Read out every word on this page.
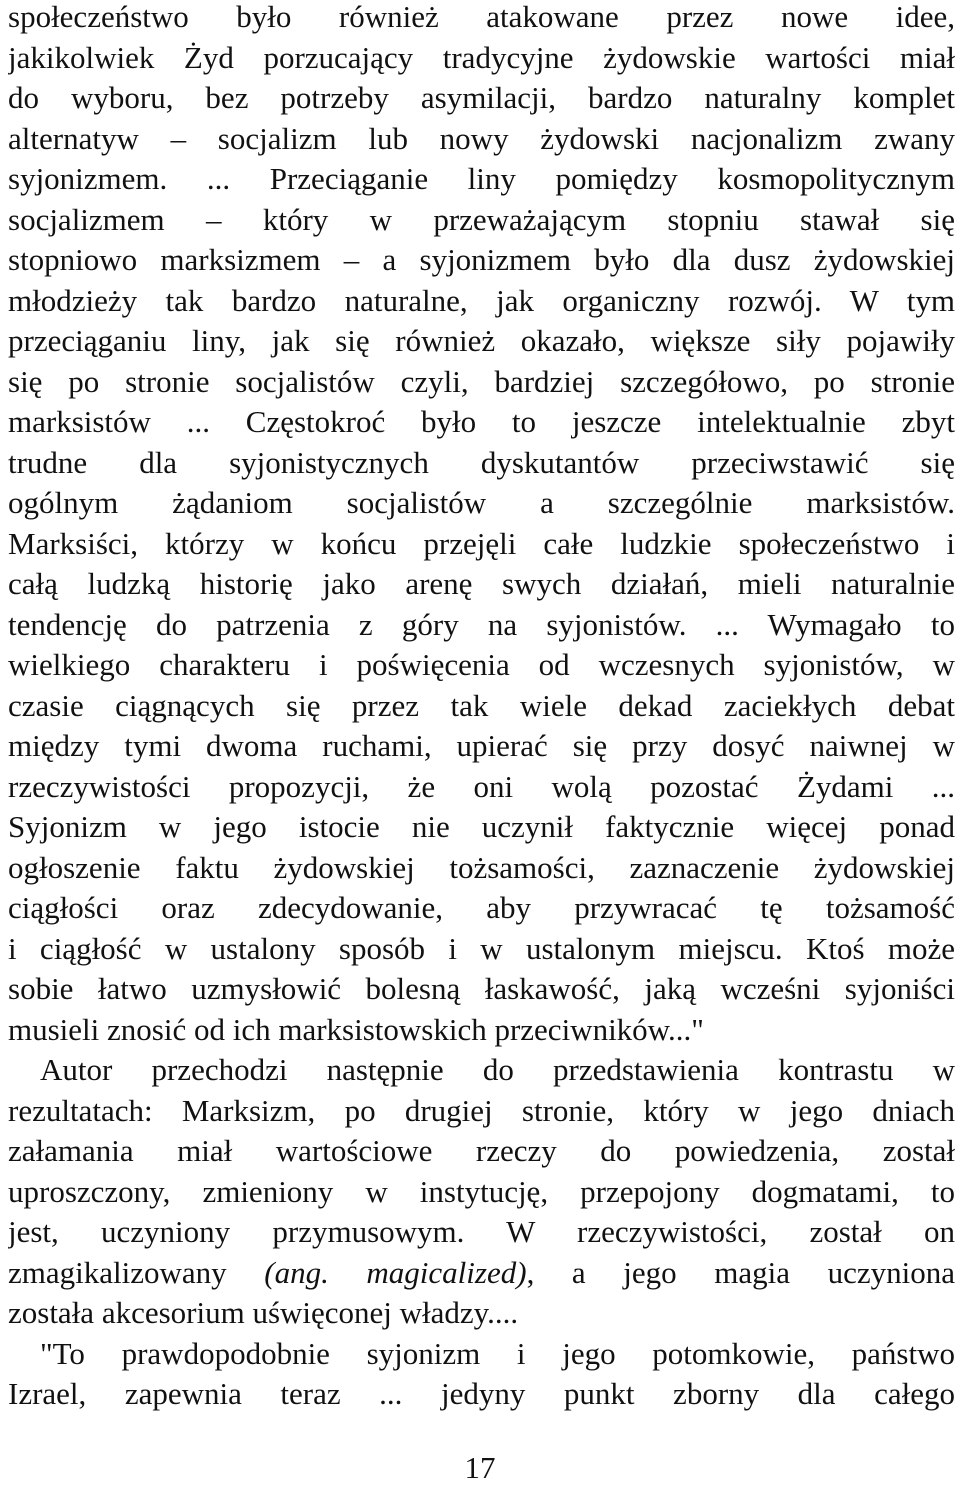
społeczeństwo było również atakowane przez nowe idee,
jakikolwiek Żyd porzucający tradycyjne żydowskie wartości miał
do wyboru, bez potrzeby asymilacji, bardzo naturalny komplet
alternatyw – socjalizm lub nowy żydowski nacjonalizm zwany
syjonizmem. ... Przeciąganie liny pomiędzy kosmopolitycznym
socjalizmem – który w przeważającym stopniu stawał się
stopniowo marksizmem – a syjonizmem było dla dusz żydowskiej
młodzieży tak bardzo naturalne, jak organiczny rozwój. W tym
przeciąganiu liny, jak się również okazało, większe siły pojawiły
się po stronie socjalistów czyli, bardziej szczegółowo, po stronie
marksistów ... Częstokroć było to jeszcze intelektualnie zbyt
trudne dla syjonistycznych dyskutantów przeciwstawić się
ogólnym żądaniom socjalistów a szczególnie marksistów.
Marksiści, którzy w końcu przejęli całe ludzkie społeczeństwo i
całą ludzką historię jako arenę swych działań, mieli naturalnie
tendencję do patrzenia z góry na syjonistów. ... Wymagało to
wielkiego charakteru i poświęcenia od wczesnych syjonistów, w
czasie ciągnących się przez tak wiele dekad zaciekłych debat
między tymi dwoma ruchami, upierać się przy dosyć naiwnej w
rzeczywistości propozycji, że oni wolą pozostać Żydami ...
Syjonizm w jego istocie nie uczynił faktycznie więcej ponad
ogłoszenie faktu żydowskiej tożsamości, zaznaczenie żydowskiej
ciągłości oraz zdecydowanie, aby przywracać tę tożsamość
i ciągłość w ustalony sposób i w ustalonym miejscu. Ktoś może
sobie łatwo uzmysłowić bolesną łaskawość, jaką wcześni syjoniści
musieli znosić od ich marksistowskich przeciwników..."
Autor przechodzi następnie do przedstawienia kontrastu w
rezultatach: Marksizm, po drugiej stronie, który w jego dniach
załamania miał wartościowe rzeczy do powiedzenia, został
uproszczony, zmieniony w instytucję, przepojony dogmatami, to
jest, uczyniony przymusowym. W rzeczywistości, został on
zmagikalizowany (ang. magicalized), a jego magia uczyniona
została akcesorium uświęconej władzy....
"To prawdopodobnie syjonizm i jego potomkowie, państwo
Izrael, zapewnia teraz ... jedyny punkt zborny dla całego
17
